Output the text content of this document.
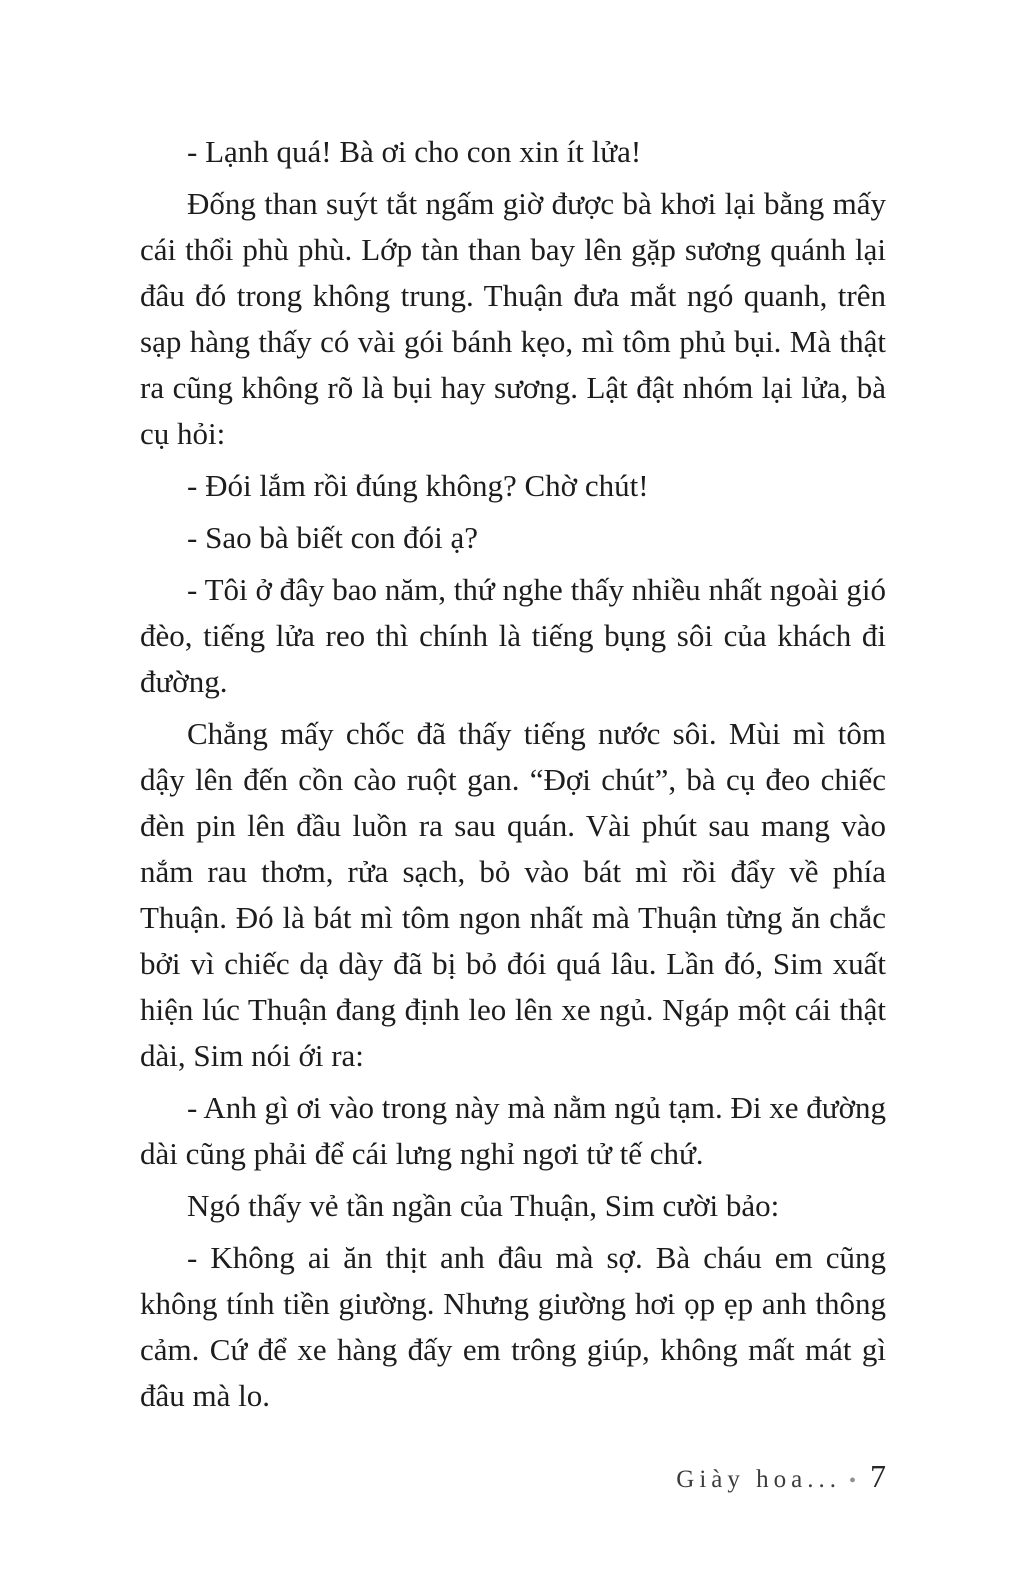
- Lạnh quá! Bà ơi cho con xin ít lửa!

Đống than suýt tắt ngấm giờ được bà khơi lại bằng mấy cái thổi phù phù. Lớp tàn than bay lên gặp sương quánh lại đâu đó trong không trung. Thuận đưa mắt ngó quanh, trên sạp hàng thấy có vài gói bánh kẹo, mì tôm phủ bụi. Mà thật ra cũng không rõ là bụi hay sương. Lật đật nhóm lại lửa, bà cụ hỏi:

- Đói lắm rồi đúng không? Chờ chút!

- Sao bà biết con đói ạ?

- Tôi ở đây bao năm, thứ nghe thấy nhiều nhất ngoài gió đèo, tiếng lửa reo thì chính là tiếng bụng sôi của khách đi đường.

Chẳng mấy chốc đã thấy tiếng nước sôi. Mùi mì tôm dậy lên đến cồn cào ruột gan. “Đợi chút”, bà cụ đeo chiếc đèn pin lên đầu luồn ra sau quán. Vài phút sau mang vào nắm rau thơm, rửa sạch, bỏ vào bát mì rồi đẩy về phía Thuận. Đó là bát mì tôm ngon nhất mà Thuận từng ăn chắc bởi vì chiếc dạ dày đã bị bỏ đói quá lâu. Lần đó, Sim xuất hiện lúc Thuận đang định leo lên xe ngủ. Ngáp một cái thật dài, Sim nói ới ra:

- Anh gì ơi vào trong này mà nằm ngủ tạm. Đi xe đường dài cũng phải để cái lưng nghỉ ngơi tử tế chứ.

Ngó thấy vẻ tần ngần của Thuận, Sim cười bảo:

- Không ai ăn thịt anh đâu mà sợ. Bà cháu em cũng không tính tiền giường. Nhưng giường hơi ọp ẹp anh thông cảm. Cứ để xe hàng đấy em trông giúp, không mất mát gì đâu mà lo.

Giày hoa... • 7
